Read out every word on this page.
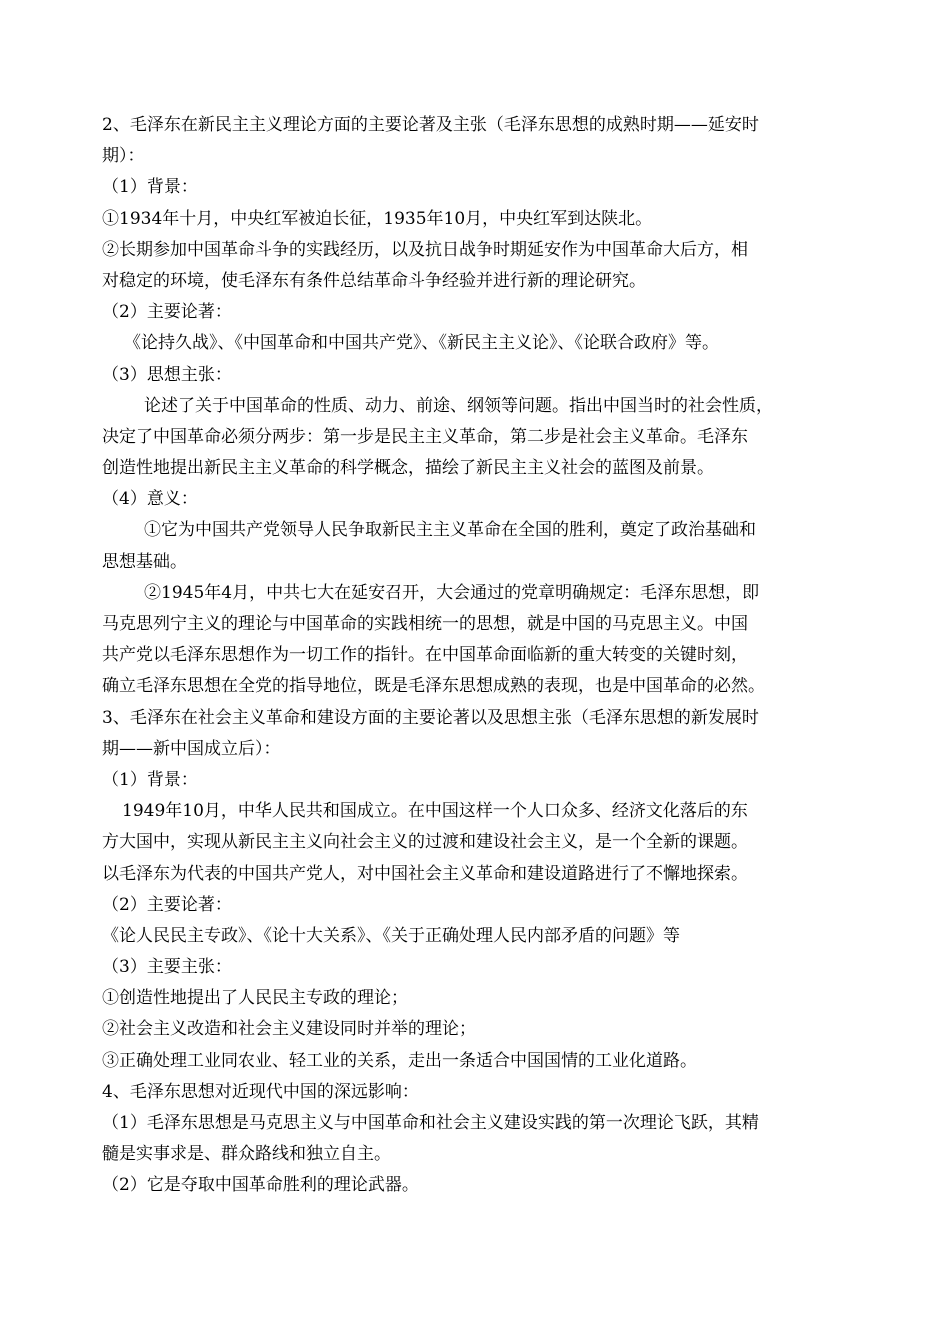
2、毛泽东在新民主主义理论方面的主要论著及主张（毛泽东思想的成熟时期——延安时
期）：
（1）背景：
①1934年十月，中央红军被迫长征，1935年10月，中央红军到达陕北。
②长期参加中国革命斗争的实践经历，以及抗日战争时期延安作为中国革命大后方，相
对稳定的环境，使毛泽东有条件总结革命斗争经验并进行新的理论研究。
（2）主要论著：
《论持久战》、《中国革命和中国共产党》、《新民主主义论》、《论联合政府》等。
（3）思想主张：
论述了关于中国革命的性质、动力、前途、纲领等问题。指出中国当时的社会性质，
决定了中国革命必须分两步：第一步是民主主义革命，第二步是社会主义革命。毛泽东
创造性地提出新民主主义革命的科学概念，描绘了新民主主义社会的蓝图及前景。
（4）意义：
①它为中国共产党领导人民争取新民主主义革命在全国的胜利，奠定了政治基础和
思想基础。
②1945年4月，中共七大在延安召开，大会通过的党章明确规定：毛泽东思想，即
马克思列宁主义的理论与中国革命的实践相统一的思想，就是中国的马克思主义。中国
共产党以毛泽东思想作为一切工作的指针。在中国革命面临新的重大转变的关键时刻，
确立毛泽东思想在全党的指导地位，既是毛泽东思想成熟的表现，也是中国革命的必然。
3、毛泽东在社会主义革命和建设方面的主要论著以及思想主张（毛泽东思想的新发展时
期——新中国成立后）：
（1）背景：
1949年10月，中华人民共和国成立。在中国这样一个人口众多、经济文化落后的东
方大国中，实现从新民主主义向社会主义的过渡和建设社会主义，是一个全新的课题。
以毛泽东为代表的中国共产党人，对中国社会主义革命和建设道路进行了不懈地探索。
（2）主要论著：
《论人民民主专政》、《论十大关系》、《关于正确处理人民内部矛盾的问题》等
（3）主要主张：
①创造性地提出了人民民主专政的理论；
②社会主义改造和社会主义建设同时并举的理论；
③正确处理工业同农业、轻工业的关系，走出一条适合中国国情的工业化道路。
4、毛泽东思想对近现代中国的深远影响：
（1）毛泽东思想是马克思主义与中国革命和社会主义建设实践的第一次理论飞跃，其精
髓是实事求是、群众路线和独立自主。
（2）它是夺取中国革命胜利的理论武器。
